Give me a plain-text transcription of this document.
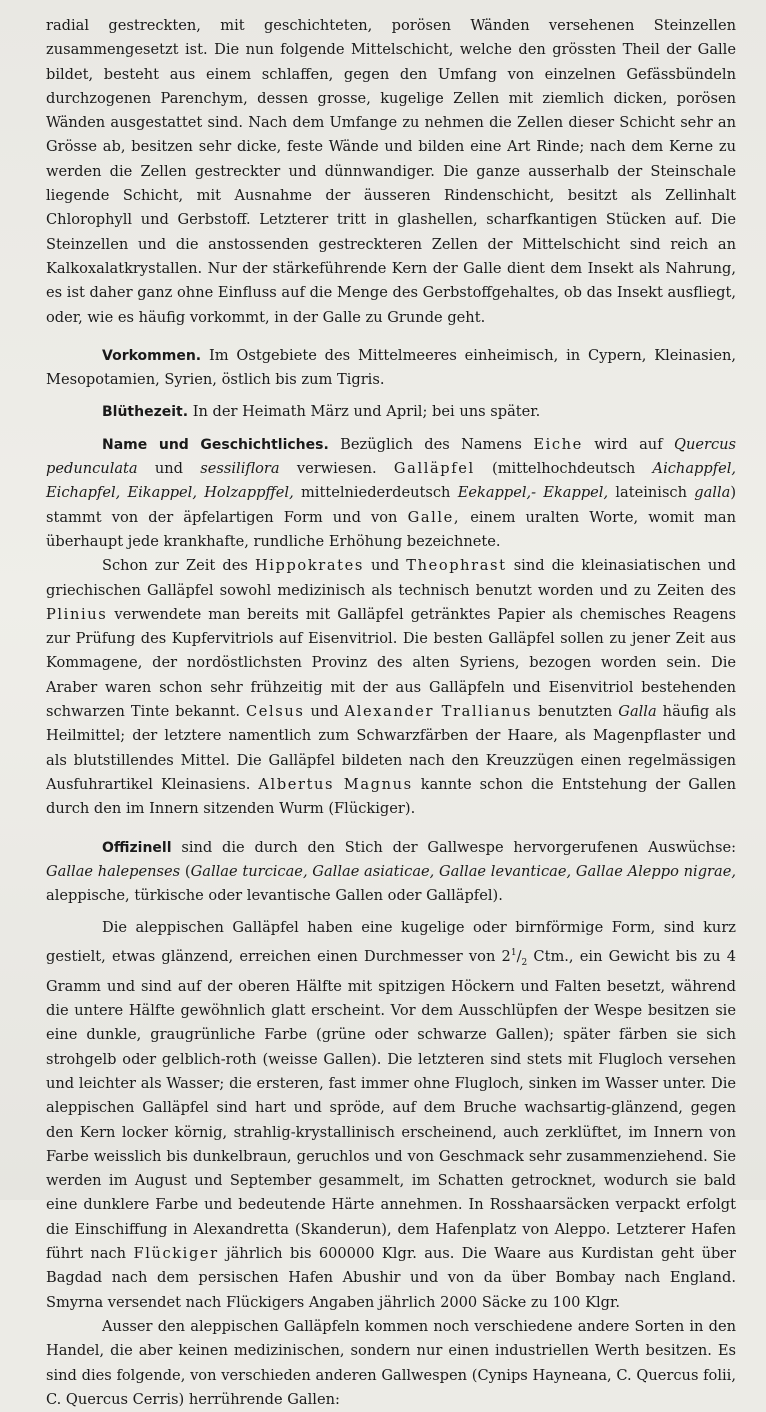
radial gestreckten, mit geschichteten, porösen Wänden versehenen Steinzellen zusammengesetzt ist. Die nun folgende Mittelschicht, welche den grössten Theil der Galle bildet, besteht aus einem schlaffen, gegen den Umfang von einzelnen Gefässbündeln durchzogenen Parenchym, dessen grosse, kugelige Zellen mit ziemlich dicken, porösen Wänden ausgestattet sind. Nach dem Umfange zu nehmen die Zellen dieser Schicht sehr an Grösse ab, besitzen sehr dicke, feste Wände und bilden eine Art Rinde; nach dem Kerne zu werden die Zellen gestreckter und dünnwandiger. Die ganze ausserhalb der Steinschale liegende Schicht, mit Ausnahme der äusseren Rindenschicht, besitzt als Zellinhalt Chlorophyll und Gerbstoff. Letzterer tritt in glashellen, scharfkantigen Stücken auf. Die Steinzellen und die anstossenden gestreckteren Zellen der Mittelschicht sind reich an Kalkoxalatkrystallen. Nur der stärkeführende Kern der Galle dient dem Insekt als Nahrung, es ist daher ganz ohne Einfluss auf die Menge des Gerbstoffgehaltes, ob das Insekt ausfliegt, oder, wie es häufig vorkommt, in der Galle zu Grunde geht.

Vorkommen. Im Ostgebiete des Mittelmeeres einheimisch, in Cypern, Kleinasien, Mesopotamien, Syrien, östlich bis zum Tigris.

Blüthezeit. In der Heimath März und April; bei uns später.

Name und Geschichtliches. Bezüglich des Namens Eiche wird auf Quercus pedunculata und sessiliflora verwiesen. Galläpfel (mittelhochdeutsch Aichappfel, Eichapfel, Eikappel, Holzappffel, mittelniederdeutsch Eekappel,- Ekappel, lateinisch galla) stammt von der äpfelartigen Form und von Galle, einem uralten Worte, womit man überhaupt jede krankhafte, rundliche Erhöhung bezeichnete.

Schon zur Zeit des Hippokrates und Theophrast sind die kleinasiatischen und griechischen Galläpfel sowohl medizinisch als technisch benutzt worden und zu Zeiten des Plinius verwendete man bereits mit Galläpfel getränktes Papier als chemisches Reagens zur Prüfung des Kupfervitriols auf Eisenvitriol. Die besten Galläpfel sollen zu jener Zeit aus Kommagene, der nordöstlichsten Provinz des alten Syriens, bezogen worden sein. Die Araber waren schon sehr frühzeitig mit der aus Galläpfeln und Eisenvitriol bestehenden schwarzen Tinte bekannt. Celsus und Alexander Trallianus benutzten Galla häufig als Heilmittel; der letztere namentlich zum Schwarzfärben der Haare, als Magenpflaster und als blutstillendes Mittel. Die Galläpfel bildeten nach den Kreuzzügen einen regelmässigen Ausfuhrartikel Kleinasiens. Albertus Magnus kannte schon die Entstehung der Gallen durch den im Innern sitzenden Wurm (Flückiger).

Offizinell sind die durch den Stich der Gallwespe hervorgerufenen Auswüchse: Gallae halepenses (Gallae turcicae, Gallae asiaticae, Gallae levanticae, Gallae Aleppo nigrae, aleppische, türkische oder levantische Gallen oder Galläpfel).

Die aleppischen Galläpfel haben eine kugelige oder birnförmige Form, sind kurz gestielt, etwas glänzend, erreichen einen Durchmesser von $2^1/_2$ Ctm., ein Gewicht bis zu 4 Gramm und sind auf der oberen Hälfte mit spitzigen Höckern und Falten besetzt, während die untere Hälfte gewöhnlich glatt erscheint. Vor dem Ausschlüpfen der Wespe besitzen sie eine dunkle, graugrünliche Farbe (grüne oder schwarze Gallen); später färben sie sich strohgelb oder gelblich-roth (weisse Gallen). Die letzteren sind stets mit Flugloch versehen und leichter als Wasser; die ersteren, fast immer ohne Flugloch, sinken im Wasser unter. Die aleppischen Galläpfel sind hart und spröde, auf dem Bruche wachsartig-glänzend, gegen den Kern locker körnig, strahlig-krystallinisch erscheinend, auch zerklüftet, im Innern von Farbe weisslich bis dunkelbraun, geruchlos und von Geschmack sehr zusammenziehend. Sie werden im August und September gesammelt, im Schatten getrocknet, wodurch sie bald eine dunklere Farbe und bedeutende Härte annehmen. In Rosshaarsäcken verpackt erfolgt die Einschiffung in Alexandretta (Skanderun), dem Hafenplatz von Aleppo. Letzterer Hafen führt nach Flückiger jährlich bis 600000 Klgr. aus. Die Waare aus Kurdistan geht über Bagdad nach dem persischen Hafen Abushir und von da über Bombay nach England. Smyrna versendet nach Flückigers Angaben jährlich 2000 Säcke zu 100 Klgr.

Ausser den aleppischen Galläpfeln kommen noch verschiedene andere Sorten in den Handel, die aber keinen medizinischen, sondern nur einen industriellen Werth besitzen. Es sind dies folgende, von verschieden anderen Gallwespen (Cynips Hayneana, C. Quercus folii, C. Quercus Cerris) herrührende Gallen:
